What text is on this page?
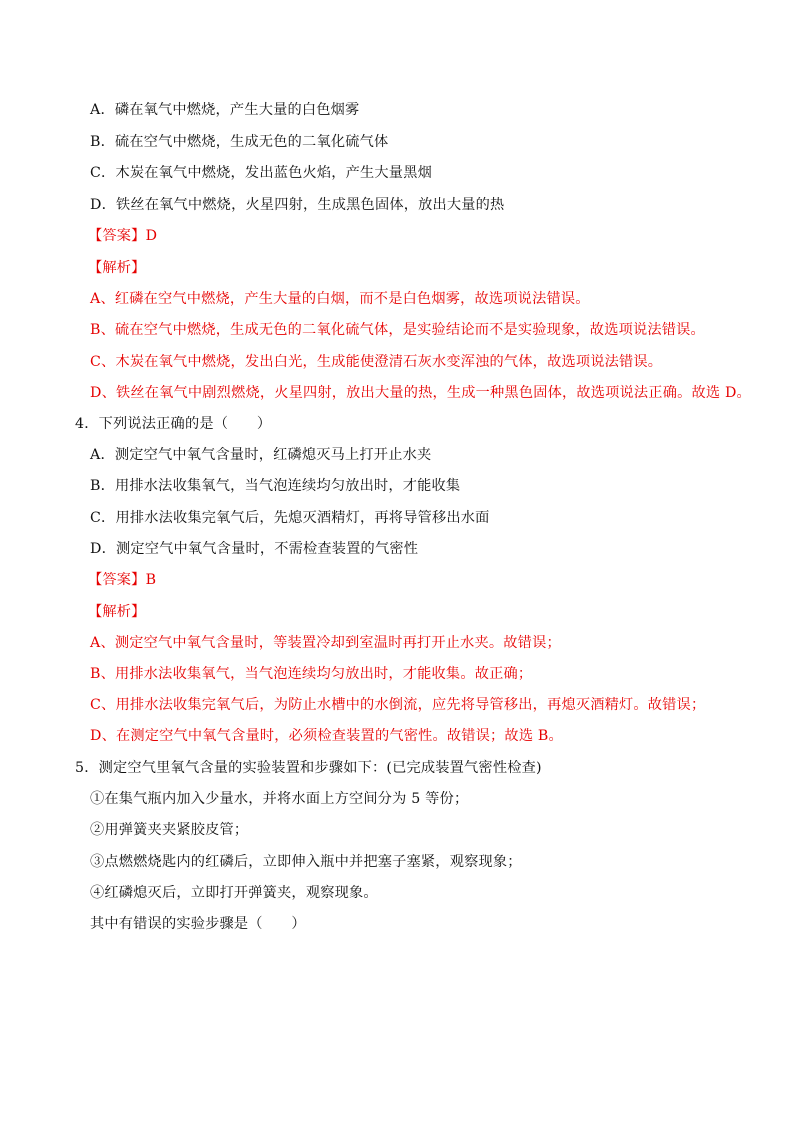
A．磷在氧气中燃烧，产生大量的白色烟雾
B．硫在空气中燃烧，生成无色的二氧化硫气体
C．木炭在氧气中燃烧，发出蓝色火焰，产生大量黑烟
D．铁丝在氧气中燃烧，火星四射，生成黑色固体，放出大量的热
【答案】D
【解析】
A、红磷在空气中燃烧，产生大量的白烟，而不是白色烟雾，故选项说法错误。
B、硫在空气中燃烧，生成无色的二氧化硫气体，是实验结论而不是实验现象，故选项说法错误。
C、木炭在氧气中燃烧，发出白光，生成能使澄清石灰水变浑浊的气体，故选项说法错误。
D、铁丝在氧气中剧烈燃烧，火星四射，放出大量的热，生成一种黑色固体，故选项说法正确。故选 D。
4．下列说法正确的是（　　）
A．测定空气中氧气含量时，红磷熄灭马上打开止水夹
B．用排水法收集氧气，当气泡连续均匀放出时，才能收集
C．用排水法收集完氧气后，先熄灭酒精灯，再将导管移出水面
D．测定空气中氧气含量时，不需检查装置的气密性
【答案】B
【解析】
A、测定空气中氧气含量时，等装置冷却到室温时再打开止水夹。故错误；
B、用排水法收集氧气，当气泡连续均匀放出时，才能收集。故正确；
C、用排水法收集完氧气后，为防止水槽中的水倒流，应先将导管移出，再熄灭酒精灯。故错误；
D、在测定空气中氧气含量时，必须检查装置的气密性。故错误；故选 B。
5．测定空气里氧气含量的实验装置和步骤如下：(已完成装置气密性检查)
①在集气瓶内加入少量水，并将水面上方空间分为 5 等份；
②用弹簧夹夹紧胶皮管；
③点燃燃烧匙内的红磷后，立即伸入瓶中并把塞子塞紧，观察现象；
④红磷熄灭后，立即打开弹簧夹，观察现象。
其中有错误的实验步骤是（　　）
